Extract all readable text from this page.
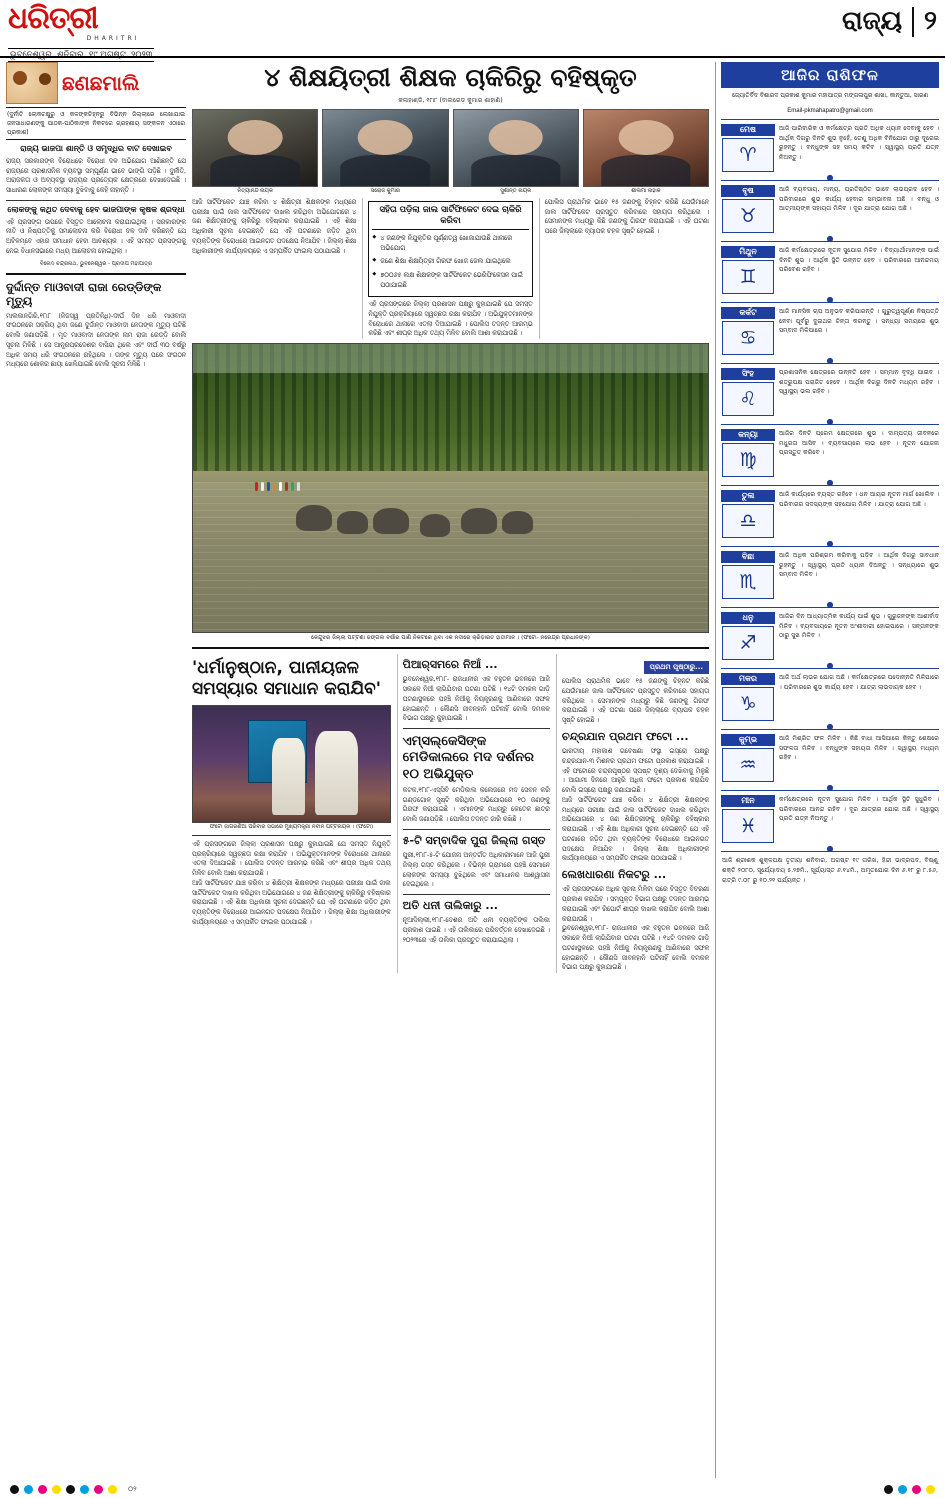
ଧରିତ୍ରୀ
DHARITRI
ଭୁବନେଶ୍ୱର, ଶନିବାର, ୧୯ ଅଗଷ୍ଟ, ୨୦୨୩
ରାଜ୍ୟ ୨
ଛଣଛମାଲି
(ଦୁର୍ନୀତି ଲୋକଚକ୍ଷୁରୁ ଓ କଳଙ୍କଚିହ୍ନରୁ ବିଭିନ୍ନ ଜିଲ୍ଲାରେ ଲେଖାଯାଇ ଜନସାଧାରଣଙ୍କୁ ପାଠକ-ପାଠିକାଙ୍କ ନିକଟରେ ଗ୍ରହଣୀୟ ସଙ୍କଳନ ଏଠାରେ ପ୍ରକାଶ)
ରାଜ୍ୟ ଭାଜପା ଶାନ୍ତି ଓ ସମୃଦ୍ଧିର ବାଟ ଦେଖାଇବ
ରାଜ୍ୟ ସରକାରଙ୍କ ବିରୋଧରେ ବିରୋଧୀ ଦଳ ଅଭିଯୋଗ ଆଣିଛନ୍ତି ଯେ ରାଜ୍ୟରେ ପ୍ରଶାସନିକ ବ୍ୟବସ୍ଥା ସମ୍ପୂର୍ଣ୍ଣ ଭାବେ ଭାଙ୍ଗି ପଡ଼ିଛି । ଦୁର୍ନୀତି, ଅରାଜକତା ଓ ଅବ୍ୟବସ୍ଥା ରାଜ୍ୟର ପ୍ରତ୍ୟେକ କ୍ଷେତ୍ରରେ ଦେଖାଦେଇଛି । ସାଧାରଣ ଲୋକଙ୍କ ସମସ୍ୟା ବୁଝିବାକୁ କେହି ନାହାନ୍ତି ।
ଲୋକଙ୍କୁ କଥିତ ଦେବାକୁ ହେବ ଭାଜପାଙ୍କ କୃଷକ ଶ୍ରଦ୍ଧା
ଏହି ପ୍ରସଙ୍ଗ ଉପରେ ବିସ୍ତୃତ ଆଲୋଚନା କରାଯାଇଥିଲା । ସରକାରଙ୍କ ନୀତି ଓ ନିଷ୍ପତ୍ତିକୁ ସମାଲୋଚନା କରି ବିରୋଧୀ ଦଳ ଦାବି କରିଛନ୍ତି ଯେ ଅବିଳମ୍ବେ ଏହାର ସମାଧାନ ହେବା ଆବଶ୍ୟକ । ଏହି ସମସ୍ତ ପ୍ରସଙ୍ଗକୁ ନେଇ ବିଧାନସଭାରେ ମଧ୍ୟ ଆଲୋଚନା ହୋଇଥିଲା ।
ବିନୋଦ ଚନ୍ଦ୍ରନାଥ, ଭୁବନେଶ୍ୱର - ପ୍ରଦୀପ ମହାପାତ୍ର
ଦୁର୍ଦ୍ଦାନ୍ତ ମାଓବାଦୀ ରାଜା ରେଡ୍ଡିଙ୍କ ମୃତ୍ୟୁ
ମାଲକାନଗିରି,୧୮ା୮ (ନିଜସ୍ୱ ପ୍ରତିନିଧି)-ଦୀର୍ଘ ଦିନ ଧରି ମାଓବାଦୀ ସଂଗଠନରେ ସକ୍ରିୟ ଥିବା ଜଣେ ଦୁର୍ଦ୍ଦାନ୍ତ ମାଓବାଦୀ ନେତାଙ୍କ ମୃତ୍ୟୁ ଘଟିଛି ବୋଲି ଜଣାପଡ଼ିଛି । ମୃତ ମାଓବାଦୀ ନେତାଙ୍କ ନାମ ରାଜା ରେଡ୍ଡି ବୋଲି ସୂଚନା ମିଳିଛି । ସେ ଆନ୍ଧ୍ରପ୍ରଦେଶର ବାସିନ୍ଦା ଥିଲେ ଏବଂ ଦୀର୍ଘ ୩୦ ବର୍ଷରୁ ଅଧିକ ସମୟ ଧରି ସଂଗଠନରେ ରହିଥିଲେ । ତାଙ୍କ ମୃତ୍ୟୁ ପରେ ସଂଗଠନ ମଧ୍ୟରେ ଶୋକର ଛାୟା ଖେଳିଯାଇଛି ବୋଲି ସୂଚନା ମିଳିଛି ।
୪ ଶିକ୍ଷୟିତ୍ରୀ ଶିକ୍ଷକ ଚାକିରିରୁ ବହିଷ୍କୃତ
କଳାହାଣ୍ଡି, ୧୮ା୮ (ବାଲରେଡ଼ କୁମାର ଶାହାଣି)
ନିତ୍ୟାନନ୍ଦ ନାୟକ	ସରୋଜ କୁମାର	ସୁଶାନ୍ତ ନାୟକ	ଶାଲମା ନାହାକ
ଆଜି ସାର୍ଟିଫିକେଟ ଯାଞ୍ଚ କରିବା ୪ ଶିକ୍ଷିତ୍ରୀ ଶିକ୍ଷକଙ୍କ ମଧ୍ୟରେ ପରୀକ୍ଷା ପାଇଁ ଜାଲ ସାର୍ଟିଫିକେଟ ଦାଖଲ କରିଥିବା ଅଭିଯୋଗରେ ୪ ଜଣ ଶିକ୍ଷିତ୍ରୀଙ୍କୁ ଚାକିରିରୁ ବହିଷ୍କାର କରାଯାଇଛି । ଏହି ଶିକ୍ଷା ଅଧିକାରୀ ସୂଚନା ଦେଇଛନ୍ତି ଯେ ଏହି ଘଟଣାରେ ଜଡ଼ିତ ଥିବା ବ୍ୟକ୍ତିଙ୍କ ବିରୋଧରେ ଆଇନଗତ ପଦକ୍ଷେପ ନିଆଯିବ । ଜିଲ୍ଲା ଶିକ୍ଷା ଅଧିକାରୀଙ୍କ କାର୍ଯ୍ୟାଳୟରେ ଏ ସମ୍ପର୍କିତ ଫାଇଲ ପଠାଯାଇଛି ।
ସହିତା ପଡ଼ିଲା ଜାଲ ସାର୍ଟିଫିକେଟ ଦେଇ ଚାକିରି କରିବା
◆ ୪ ଜଣଙ୍କ ନିଯୁକ୍ତିର ପୂର୍ଣ୍ଣତ୍ୱ ଖୋଜାଯାଉଛି ଥାନାରେ ଅଭିଯୋଗ
◆ ଜଣେ ଶିକ୍ଷା ଶିକ୍ଷୟିତ୍ରୀ ଗିରଫ ଖୋଜ ଜେଲ ଯାଇଥିଲେ
◆ ୭୦୦୬୫ ଲକ୍ଷ ଶିକ୍ଷକଙ୍କ ସାର୍ଟିଫିକେଟ ଭେରିଫିକେସନ ପାଇଁ ପଠାଯାଇଛି
ଏହି ପ୍ରସଙ୍ଗରେ ଜିଲ୍ଲା ପ୍ରଶାସନ ପକ୍ଷରୁ କୁହାଯାଇଛି ଯେ ସମସ୍ତ ନିଯୁକ୍ତି ପ୍ରକ୍ରିୟାରେ ସ୍ୱଚ୍ଛତା ରକ୍ଷା କରାଯିବ । ଅଭିଯୁକ୍ତମାନଙ୍କ ବିରୋଧରେ ଥାନାରେ ଏତଲା ଦିଆଯାଇଛି । ପୋଲିସ ତଦନ୍ତ ଆରମ୍ଭ କରିଛି ଏବଂ ଶୀଘ୍ର ଅଧିକ ତଥ୍ୟ ମିଳିବ ବୋଲି ଆଶା କରାଯାଉଛି ।
ପୋଲିସ ପ୍ରାଥମିକ ଭାବେ ୧୫ ଜଣଙ୍କୁ ଚିହ୍ନଟ କରିଛି ଯେଉଁମାନେ ଜାଲ ସାର୍ଟିଫିକେଟ ପ୍ରସ୍ତୁତ କରିବାରେ ସହାୟତା କରିଥିଲେ । ସେମାନଙ୍କ ମଧ୍ୟରୁ କିଛି ଜଣଙ୍କୁ ଗିରଫ କରାଯାଇଛି । ଏହି ଘଟଣା ପରେ ଜିଲ୍ଲାରେ ବ୍ୟାପକ ଚହଳ ସୃଷ୍ଟି ହୋଇଛି ।
କେନ୍ଦୁଝର ଜିଲ୍ଲା ପଟ୍ଟଣା ଜଙ୍ଗଲ ବର୍ଷାର ପାଣି ନିକଟରେ ଥିବା ଏକ ନଦୀରେ କ୍ରିଡ଼ାରତ ହାତୀମାନ । (ଫଟୋ- ନରେନ୍ଦ୍ର ପ୍ରଧାନଙ୍କ)
'ଧର୍ମାନୁଷ୍ଠାନ, ପାନୀୟଜଳ ସମସ୍ୟାର ସମାଧାନ କରାଯିବ'
ଫଟୋ ଜାଗରଣିଆ ପରିବାର ସଭାରେ ମୁଖ୍ୟମନ୍ତ୍ରୀ ନବୀନ ପଟ୍ଟନାୟକ । (ଫଟୋ)
ଏହି ପ୍ରସଙ୍ଗରେ ଜିଲ୍ଲା ପ୍ରଶାସନ ପକ୍ଷରୁ କୁହାଯାଇଛି ଯେ ସମସ୍ତ ନିଯୁକ୍ତି ପ୍ରକ୍ରିୟାରେ ସ୍ୱଚ୍ଛତା ରକ୍ଷା କରାଯିବ । ଅଭିଯୁକ୍ତମାନଙ୍କ ବିରୋଧରେ ଥାନାରେ ଏତଲା ଦିଆଯାଇଛି । ପୋଲିସ ତଦନ୍ତ ଆରମ୍ଭ କରିଛି ଏବଂ ଶୀଘ୍ର ଅଧିକ ତଥ୍ୟ ମିଳିବ ବୋଲି ଆଶା କରାଯାଉଛି ।
ଆଜି ସାର୍ଟିଫିକେଟ ଯାଞ୍ଚ କରିବା ୪ ଶିକ୍ଷିତ୍ରୀ ଶିକ୍ଷକଙ୍କ ମଧ୍ୟରେ ପରୀକ୍ଷା ପାଇଁ ଜାଲ ସାର୍ଟିଫିକେଟ ଦାଖଲ କରିଥିବା ଅଭିଯୋଗରେ ୪ ଜଣ ଶିକ୍ଷିତ୍ରୀଙ୍କୁ ଚାକିରିରୁ ବହିଷ୍କାର କରାଯାଇଛି । ଏହି ଶିକ୍ଷା ଅଧିକାରୀ ସୂଚନା ଦେଇଛନ୍ତି ଯେ ଏହି ଘଟଣାରେ ଜଡ଼ିତ ଥିବା ବ୍ୟକ୍ତିଙ୍କ ବିରୋଧରେ ଆଇନଗତ ପଦକ୍ଷେପ ନିଆଯିବ । ଜିଲ୍ଲା ଶିକ୍ଷା ଅଧିକାରୀଙ୍କ କାର୍ଯ୍ୟାଳୟରେ ଏ ସମ୍ପର୍କିତ ଫାଇଲ ପଠାଯାଇଛି ।
ପିଆର୍‌ସମରେ ନିଆଁ ...
ଭୁବନେଶ୍ୱର,୧୮ା୮- ରାଜଧାନୀର ଏକ ବହୁତଳ ଭବନରେ ଆଜି ସକାଳେ ନିଆଁ ଲାଗିଯିବାର ଘଟଣା ଘଟିଛି । ୧୪ଟି ଦମକଳ ଗାଡ଼ି ଘଟଣାସ୍ଥଳରେ ପହଞ୍ଚି ନିଆଁକୁ ନିୟନ୍ତ୍ରଣକୁ ଆଣିବାରେ ସଫଳ ହୋଇଛନ୍ତି । କୌଣସି ଜୀବନହାନି ଘଟିନାହିଁ ବୋଲି ଦମକଳ ବିଭାଗ ପକ୍ଷରୁ କୁହାଯାଇଛି ।
ଏମ୍ସଲ୍‌କେସିଙ୍କ ମେଡିକାଲରେ ମଦ ଦର୍ଶନର ୧୦ ଅଭିଯୁକ୍ତ
କଟକ,୧୮ା୮-ଏସ୍‌ସିବି ମେଡିକାଲ କଲେଜରେ ମଦ ସେବନ କରି ଗଣ୍ଡଗୋଳ ସୃଷ୍ଟି କରିଥିବା ଅଭିଯୋଗରେ ୧୦ ଜଣଙ୍କୁ ଗିରଫ କରାଯାଇଛି । ଏମାନଙ୍କ ମଧ୍ୟରୁ କେତେକ ଛାତ୍ର ବୋଲି ଜଣାପଡ଼ିଛି । ପୋଲିସ ତଦନ୍ତ ଜାରି ରଖିଛି ।
୫-ଟି ସମ୍ବାଦିକ ପୁରା ଜିଲ୍ଲା ଗସ୍ତ
ପୁରୀ,୧୮ା୮-୫-ଟି ଯୋଜନା ଅନ୍ତର୍ଗତ ଅଧିକାରୀମାନେ ଆଜି ପୁରୀ ଜିଲ୍ଲା ଗସ୍ତ କରିଥିଲେ । ବିଭିନ୍ନ ଗ୍ରାମରେ ପହଞ୍ଚି ସେମାନେ ଲୋକଙ୍କ ସମସ୍ୟା ବୁଝିଥିଲେ ଏବଂ ସମାଧାନର ଆଶ୍ୱାସନା ଦେଇଥିଲେ ।
ଅତି ଧନୀ ତାଲିକାରୁ ...
ନୂଆଦିଲ୍ଲୀ,୧୮ା୮-ଦେଶର ଅତି ଧନୀ ବ୍ୟକ୍ତିଙ୍କ ତାଲିକା ପ୍ରକାଶ ପାଇଛି । ଏହି ତାଲିକାରେ ପରିବର୍ତ୍ତନ ଦେଖାଦେଇଛି । ୨୦୨୩ରେ ଏହି ତାଲିକା ପ୍ରସ୍ତୁତ କରାଯାଇଥିଲା ।
ପ୍ରଥମ ପୃଷ୍ଠାରୁ...
ପୋଲିସ ପ୍ରାଥମିକ ଭାବେ ୧୫ ଜଣଙ୍କୁ ଚିହ୍ନଟ କରିଛି ଯେଉଁମାନେ ଜାଲ ସାର୍ଟିଫିକେଟ ପ୍ରସ୍ତୁତ କରିବାରେ ସହାୟତା କରିଥିଲେ । ସେମାନଙ୍କ ମଧ୍ୟରୁ କିଛି ଜଣଙ୍କୁ ଗିରଫ କରାଯାଇଛି । ଏହି ଘଟଣା ପରେ ଜିଲ୍ଲାରେ ବ୍ୟାପକ ଚହଳ ସୃଷ୍ଟି ହୋଇଛି ।
ଚନ୍ଦ୍ରଯାନ ପ୍ରଥମ ଫଟୋ ...
ଭାରତୀୟ ମହାକାଶ ଗବେଷଣା ସଂସ୍ଥା ଇସ୍ରୋ ପକ୍ଷରୁ ଚନ୍ଦ୍ରଯାନ-୩ ମିଶନର ପ୍ରଥମ ଫଟୋ ପ୍ରକାଶ କରାଯାଇଛି । ଏହି ଫଟୋରେ ଚନ୍ଦ୍ରପୃଷ୍ଠର ସ୍ପଷ୍ଟ ଦୃଶ୍ୟ ଦେଖିବାକୁ ମିଳୁଛି । ଆଗାମୀ ଦିନରେ ଆହୁରି ଅଧିକ ଫଟୋ ପ୍ରକାଶ କରାଯିବ ବୋଲି ଇସ୍ରୋ ପକ୍ଷରୁ ଜଣାଯାଇଛି ।
ଆଜି ସାର୍ଟିଫିକେଟ ଯାଞ୍ଚ କରିବା ୪ ଶିକ୍ଷିତ୍ରୀ ଶିକ୍ଷକଙ୍କ ମଧ୍ୟରେ ପରୀକ୍ଷା ପାଇଁ ଜାଲ ସାର୍ଟିଫିକେଟ ଦାଖଲ କରିଥିବା ଅଭିଯୋଗରେ ୪ ଜଣ ଶିକ୍ଷିତ୍ରୀଙ୍କୁ ଚାକିରିରୁ ବହିଷ୍କାର କରାଯାଇଛି । ଏହି ଶିକ୍ଷା ଅଧିକାରୀ ସୂଚନା ଦେଇଛନ୍ତି ଯେ ଏହି ଘଟଣାରେ ଜଡ଼ିତ ଥିବା ବ୍ୟକ୍ତିଙ୍କ ବିରୋଧରେ ଆଇନଗତ ପଦକ୍ଷେପ ନିଆଯିବ । ଜିଲ୍ଲା ଶିକ୍ଷା ଅଧିକାରୀଙ୍କ କାର୍ଯ୍ୟାଳୟରେ ଏ ସମ୍ପର୍କିତ ଫାଇଲ ପଠାଯାଇଛି ।
ଲେଖଧାରଣା ନିକଟରୁ ...
ଏହି ପ୍ରସଙ୍ଗରେ ଅଧିକ ସୂଚନା ମିଳିବା ପରେ ବିସ୍ତୃତ ବିବରଣୀ ପ୍ରକାଶ କରାଯିବ । ସମ୍ପୃକ୍ତ ବିଭାଗ ପକ୍ଷରୁ ତଦନ୍ତ ଆରମ୍ଭ କରାଯାଇଛି ଏବଂ ରିପୋର୍ଟ ଶୀଘ୍ର ଦାଖଲ କରାଯିବ ବୋଲି ଆଶା କରାଯାଉଛି ।
ଭୁବନେଶ୍ୱର,୧୮ା୮- ରାଜଧାନୀର ଏକ ବହୁତଳ ଭବନରେ ଆଜି ସକାଳେ ନିଆଁ ଲାଗିଯିବାର ଘଟଣା ଘଟିଛି । ୧୪ଟି ଦମକଳ ଗାଡ଼ି ଘଟଣାସ୍ଥଳରେ ପହଞ୍ଚି ନିଆଁକୁ ନିୟନ୍ତ୍ରଣକୁ ଆଣିବାରେ ସଫଳ ହୋଇଛନ୍ତି । କୌଣସି ଜୀବନହାନି ଘଟିନାହିଁ ବୋଲି ଦମକଳ ବିଭାଗ ପକ୍ଷରୁ କୁହାଯାଇଛି ।
ଆଜିର ରାଶିଫଳ
ଜ୍ୟୋତିର୍ବିଦ ବିଶାରଦ ପ୍ରକାଶ କୁମାର ମହାପାତ୍ର ମଙ୍ଗଳାପୁର ଶାଖା, କାନ୍ତୁଆ, ସାରଣ
Email-pkmahapatro@gmail.com
ମେଷ
♈
ଆଜି ପାରିବାରିକ ଓ କର୍ମକ୍ଷେତ୍ର ପ୍ରତି ଅଧିକ ଧ୍ୟାନ ଦେବାକୁ ହେବ । ଆର୍ଥିକ ଦିଗରୁ ଦିନଟି ଶୁଭ ନୁହେଁ, ତେଣୁ ଅଧିକ ବିନିଯୋଗ ଠାରୁ ଦୂରେଇ ରୁହନ୍ତୁ । ବନ୍ଧୁଙ୍କ ସହ ସମୟ କଟିବ । ସ୍ୱାସ୍ଥ୍ୟ ପ୍ରତି ଯତ୍ନ ନିଅନ୍ତୁ ।
●
ବୃଷ
♉
ଆଜି ବ୍ୟବସାୟ, ମାନ୍ୟ, ପ୍ରତିଷ୍ଠିତ ଭାବେ ଲାଭପ୍ରଦ ହେବ । ପରିବାରରେ ଶୁଭ କାର୍ଯ୍ୟ ହେବାର ସମ୍ଭାବନା ଅଛି । ବନ୍ଧୁ ଓ ଆତ୍ମୀୟଙ୍କ ସହାୟତା ମିଳିବ । ଦୂର ଯାତ୍ରା ଯୋଗ ଅଛି ।
●
ମିଥୁନ
♊
ଆଜି କର୍ମକ୍ଷେତ୍ରରେ ନୂତନ ସୁଯୋଗ ମିଳିବ । ବିଦ୍ୟାର୍ଥୀମାନଙ୍କ ପାଇଁ ଦିନଟି ଶୁଭ । ଆର୍ଥିକ ସ୍ଥିତି ଉନ୍ନତ ହେବ । ପରିବାରରେ ଆନନ୍ଦମୟ ପରିବେଶ ରହିବ ।
●
କର୍କଟ
♋
ଆଜି ମାନସିକ ଚାପ ଅନୁଭବ କରିପାରନ୍ତି । ଗୁରୁତ୍ୱପୂର୍ଣ୍ଣ ନିଷ୍ପତ୍ତି ନେବା ପୂର୍ବରୁ ଦୁଇଥର ଚିନ୍ତା କରନ୍ତୁ । ସନ୍ଧ୍ୟା ସମୟରେ ଶୁଭ ସମ୍ବାଦ ମିଳିପାରେ ।
●
ସିଂହ
♌
ପ୍ରଶାସନିକ କ୍ଷେତ୍ରରେ ଉନ୍ନତି ହେବ । ସମ୍ମାନ ବୃଦ୍ଧି ପାଇବ । ଶତ୍ରୁପକ୍ଷ ପରାଜିତ ହେବେ । ଆର୍ଥିକ ଦିଗରୁ ଦିନଟି ମଧ୍ୟମ ରହିବ । ସ୍ୱାସ୍ଥ୍ୟ ଭଲ ରହିବ ।
●
କନ୍ୟା
♍
ଆଜିର ଦିନଟି ପ୍ରେମ କ୍ଷେତ୍ରରେ ଶୁଭ । ଦାମ୍ପତ୍ୟ ଜୀବନରେ ମଧୁରତା ଆସିବ । ବ୍ୟବସାୟରେ ଲାଭ ହେବ । ନୂତନ ଯୋଜନା ପ୍ରସ୍ତୁତ କରିବେ ।
●
ତୁଳା
♎
ଆଜି କାର୍ଯ୍ୟରେ ବ୍ୟସ୍ତ ରହିବେ । ଧନ ଆୟର ନୂତନ ମାର୍ଗ ଖୋଲିବ । ପରିବାରର ସଦସ୍ୟଙ୍କ ସହଯୋଗ ମିଳିବ । ଯାତ୍ରା ଯୋଗ ଅଛି ।
●
ବିଛା
♏
ଆଜି ଅଧିକ ପରିଶ୍ରମ କରିବାକୁ ପଡ଼ିବ । ଆର୍ଥିକ ଦିଗରୁ ସାବଧାନ ରୁହନ୍ତୁ । ସ୍ୱାସ୍ଥ୍ୟ ପ୍ରତି ଧ୍ୟାନ ଦିଅନ୍ତୁ । ସନ୍ଧ୍ୟାରେ ଶୁଭ ସମ୍ବାଦ ମିଳିବ ।
●
ଧନୁ
♐
ଆଜିର ଦିନ ଆଧ୍ୟାତ୍ମିକ କାର୍ଯ୍ୟ ପାଇଁ ଶୁଭ । ଗୁରୁଜନଙ୍କ ଆଶୀର୍ବାଦ ମିଳିବ । ବ୍ୟବସାୟରେ ନୂତନ ଅଂଶୀଦାରୀ ହୋଇପାରେ । ସନ୍ତାନଙ୍କ ଠାରୁ ସୁଖ ମିଳିବ ।
●
ମକର
♑
ଆଜି ଅର୍ଥ ଲାଭର ଯୋଗ ଅଛି । କର୍ମକ୍ଷେତ୍ରରେ ପଦୋନ୍ନତି ମିଳିପାରେ । ପରିବାରରେ ଶୁଭ କାର୍ଯ୍ୟ ହେବ । ଯାତ୍ରା ଲାଭଦାୟକ ହେବ ।
●
କୁମ୍ଭ
♒
ଆଜି ମିଶ୍ରିତ ଫଳ ମିଳିବ । କିଛି ବାଧା ଆସିପାରେ କିନ୍ତୁ ଶେଷରେ ସଫଳତା ମିଳିବ । ବନ୍ଧୁଙ୍କ ସହାୟତା ମିଳିବ । ସ୍ୱାସ୍ଥ୍ୟ ମଧ୍ୟମ ରହିବ ।
●
ମୀନ
♓
କର୍ମକ୍ଷେତ୍ରରେ ନୂତନ ସୁଯୋଗ ମିଳିବ । ଆର୍ଥିକ ସ୍ଥିତି ସୁଧୁରିବ । ପରିବାରରେ ଆନନ୍ଦ ରହିବ । ଦୂର ଯାତ୍ରାର ଯୋଗ ଅଛି । ସ୍ୱାସ୍ଥ୍ୟ ପ୍ରତି ଯତ୍ନ ନିଅନ୍ତୁ ।
●
ଆଜି ଶ୍ରୀଶକ ଶୁକ୍ଳପକ୍ଷ ତୃତୀୟା ଶନିବାର, ଅଗଷ୍ଟ ୧୯ ତାରିଖ, ହିନ୍ଦୀ ଭାଦ୍ରପଦ, ବିଷ୍ଣୁ ଶକ୍ତି ୨୦୮୦, ସୂର୍ଯ୍ୟୋଦୟ ୫.୨୭ମି., ସୂର୍ଯ୍ୟାସ୍ତ ୬.୧୪ମି., ଅମୃତଯୋଗ ଦିନ ୬.୧୮ ରୁ ୮.୫୬, ରାତ୍ରି ୯.୦୮ ରୁ ୧୦.୨୧ ପର୍ଯ୍ୟନ୍ତ ।
୦୨
